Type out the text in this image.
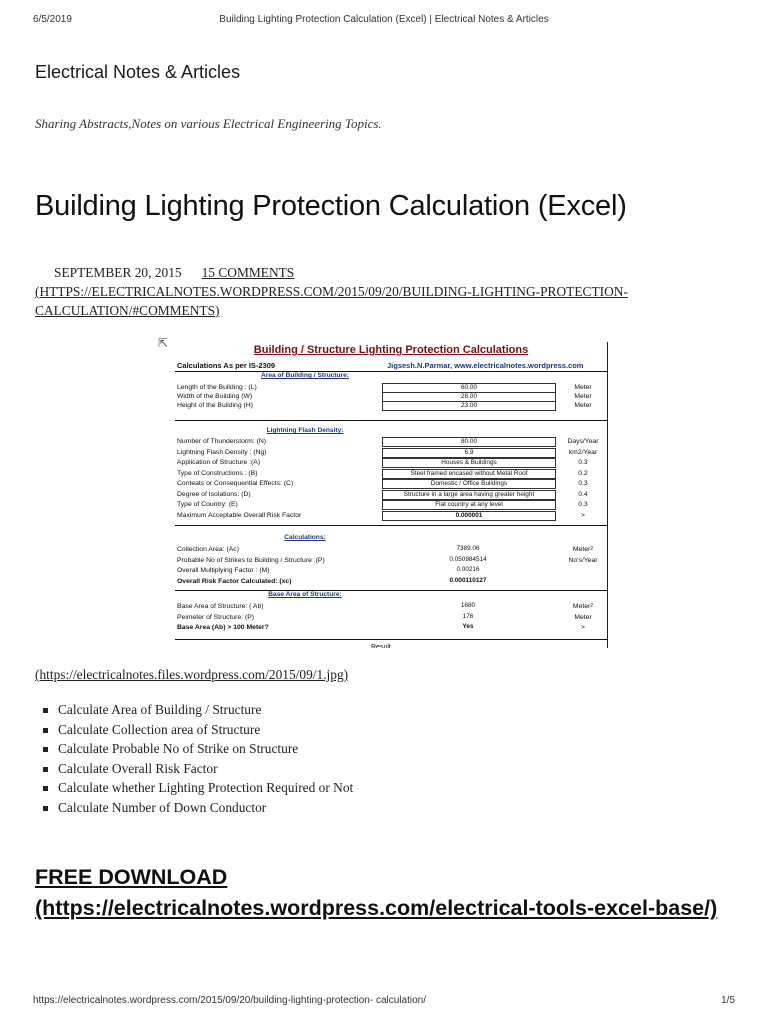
6/5/2019	Building Lighting Protection Calculation (Excel) | Electrical Notes & Articles
Electrical Notes & Articles
Sharing Abstracts,Notes on various Electrical Engineering Topics.
Building Lighting Protection Calculation (Excel)
SEPTEMBER 20, 2015 15 COMMENTS
(HTTPS://ELECTRICALNOTES.WORDPRESS.COM/2015/09/20/BUILDING-LIGHTING-PROTECTION-CALCULATION/#COMMENTS)
⇱	Building / Structure Lighting Protection Calculations
Calculations As per IS-2309	Jigsesh.N.Parmar, www.electricalnotes.wordpress.com
Area of Building / Structure:
Length of the Building : (L)	60.00	Meter
Width of the Building (W)	28.00	Meter
Height of the Building (H)	23.00	Meter
Lightning Flash Density:
Number of Thunderstorm: (N)	80.00	Days/Year
Lightning Flash Density : (Ng)	6.9	km2/Year
Application of Structure :(A)	Houses & Buildings	0.3
Type of Constructions : (B)	Steel framed encased without Metal Roof	0.2
Conteats or Consequential Effects: (C)	Domestic / Office Buildings	0.3
Degree of Isolations: (D)	Structure in a large area having greater height	0.4
Type of Country: (E)	Flat country at any level	0.3
Maximum Acceptable Overall Risk Factor	0.000001	>
Calculations:
Collection Area: (Ac)	7389.06	Meter$^2$
Probable No of Strikes to Building / Structure :(P)	0.050984514	No's/Year
Overall Multiplying Factor : (M)	0.00216
Overall Risk Factor Calculated: (xc)	0.000110127
Base Area of Structure:
Base Area of Structure: ( Ab)	1680	Meter$^2$
Peimeter of Structure: (P)	176	Meter
Base Area (Ab) > 100 Meter?	Yes	>
Result
(https://electricalnotes.files.wordpress.com/2015/09/1.jpg)
Calculate Area of Building / Structure
Calculate Collection area of Structure
Calculate Probable No of Strike on Structure
Calculate Overall Risk Factor
Calculate whether Lighting Protection Required or Not
Calculate Number of Down Conductor
FREE DOWNLOAD
(https://electricalnotes.wordpress.com/electrical-tools-excel-base/)
https://electricalnotes.wordpress.com/2015/09/20/building-lighting-protection- calculation/	1/5
